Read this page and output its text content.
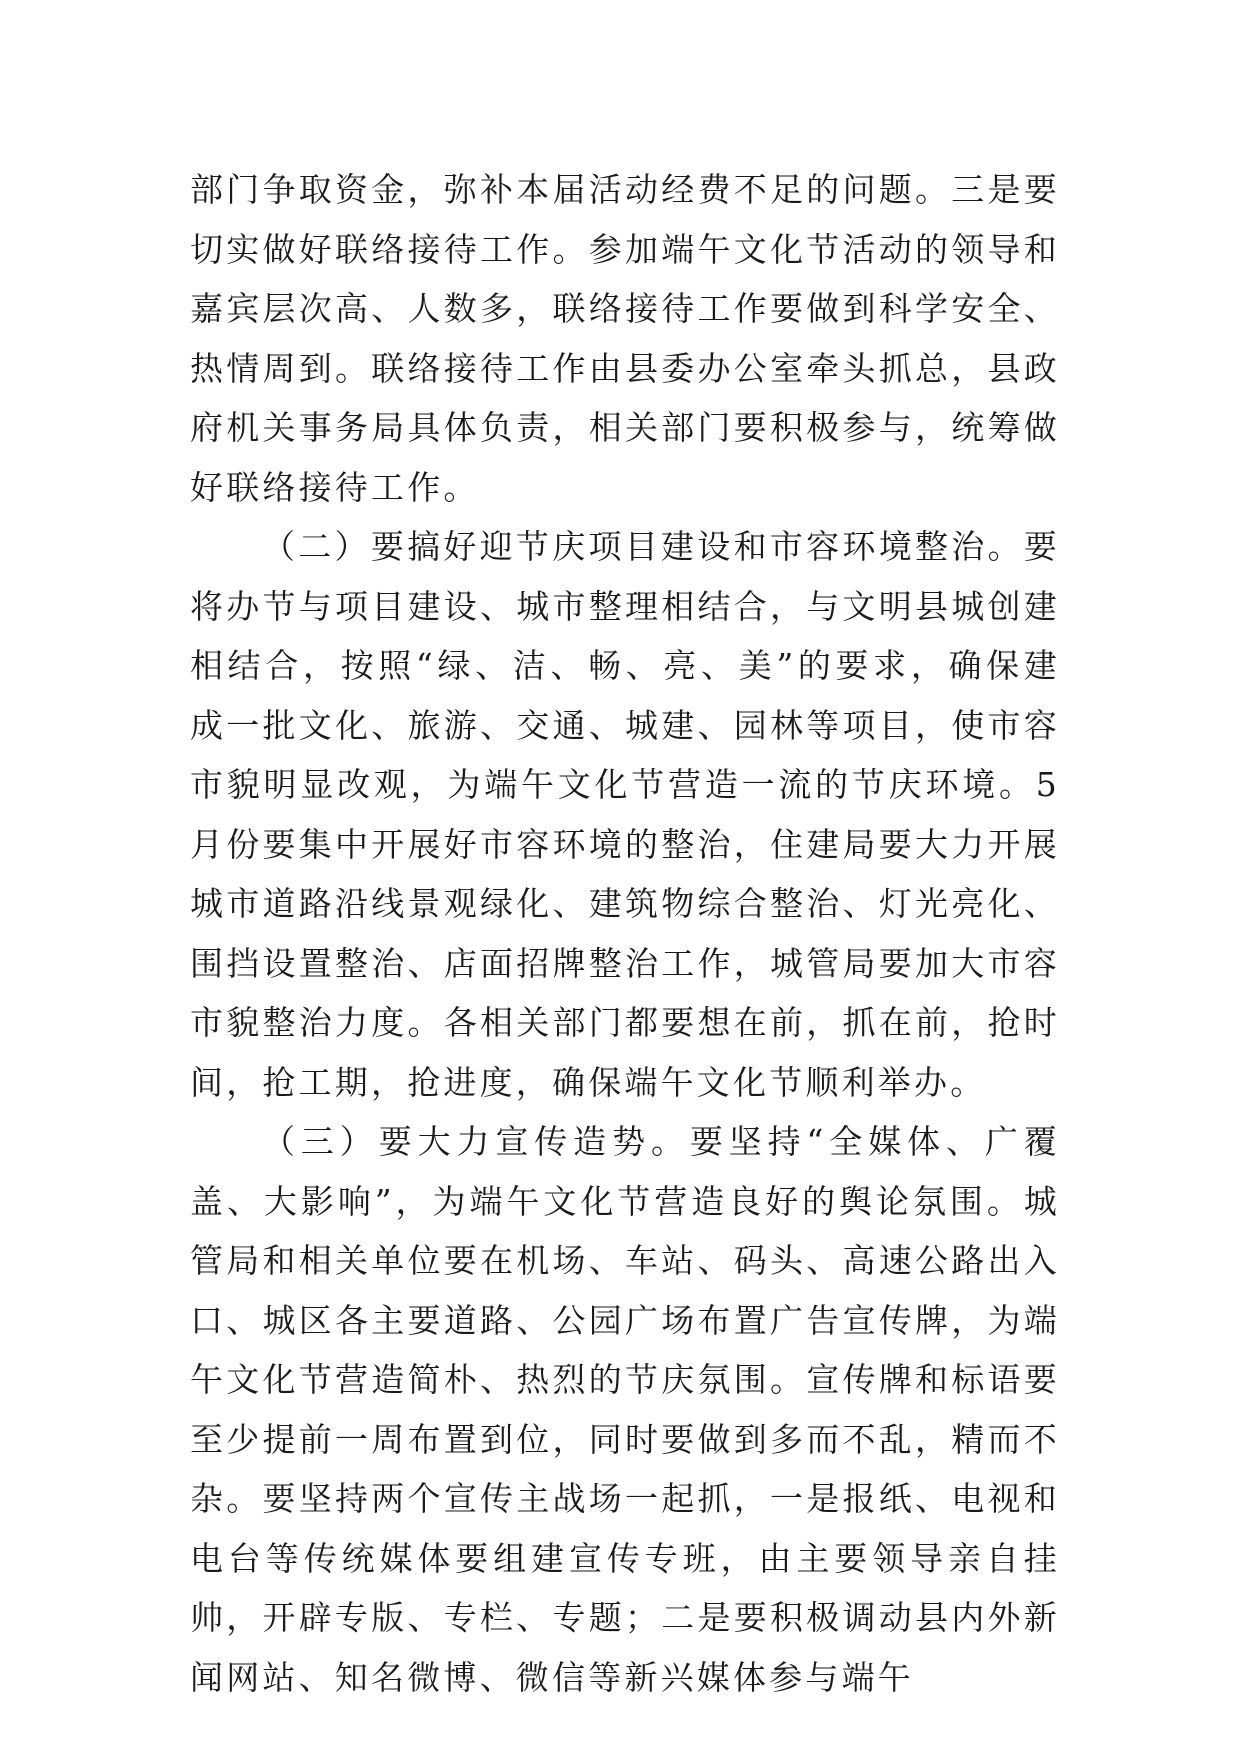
部门争取资金，弥补本届活动经费不足的问题。三是要切实做好联络接待工作。参加端午文化节活动的领导和嘉宾层次高、人数多，联络接待工作要做到科学安全、热情周到。联络接待工作由县委办公室牵头抓总，县政府机关事务局具体负责，相关部门要积极参与，统筹做好联络接待工作。

（二）要搞好迎节庆项目建设和市容环境整治。要将办节与项目建设、城市整理相结合，与文明县城创建相结合，按照“绿、洁、畅、亮、美”的要求，确保建成一批文化、旅游、交通、城建、园林等项目，使市容市貌明显改观，为端午文化节营造一流的节庆环境。5月份要集中开展好市容环境的整治，住建局要大力开展城市道路沿线景观绿化、建筑物综合整治、灯光亮化、围挡设置整治、店面招牌整治工作，城管局要加大市容市貌整治力度。各相关部门都要想在前，抓在前，抢时间，抢工期，抢进度，确保端午文化节顺利举办。

（三）要大力宣传造势。要坚持“全媒体、广覆盖、大影响”，为端午文化节营造良好的舆论氛围。城管局和相关单位要在机场、车站、码头、高速公路出入口、城区各主要道路、公园广场布置广告宣传牌，为端午文化节营造简朴、热烈的节庆氛围。宣传牌和标语要至少提前一周布置到位，同时要做到多而不乱，精而不杂。要坚持两个宣传主战场一起抓，一是报纸、电视和电台等传统媒体要组建宣传专班，由主要领导亲自挂帅，开辟专版、专栏、专题；二是要积极调动县内外新闻网站、知名微博、微信等新兴媒体参与端午
